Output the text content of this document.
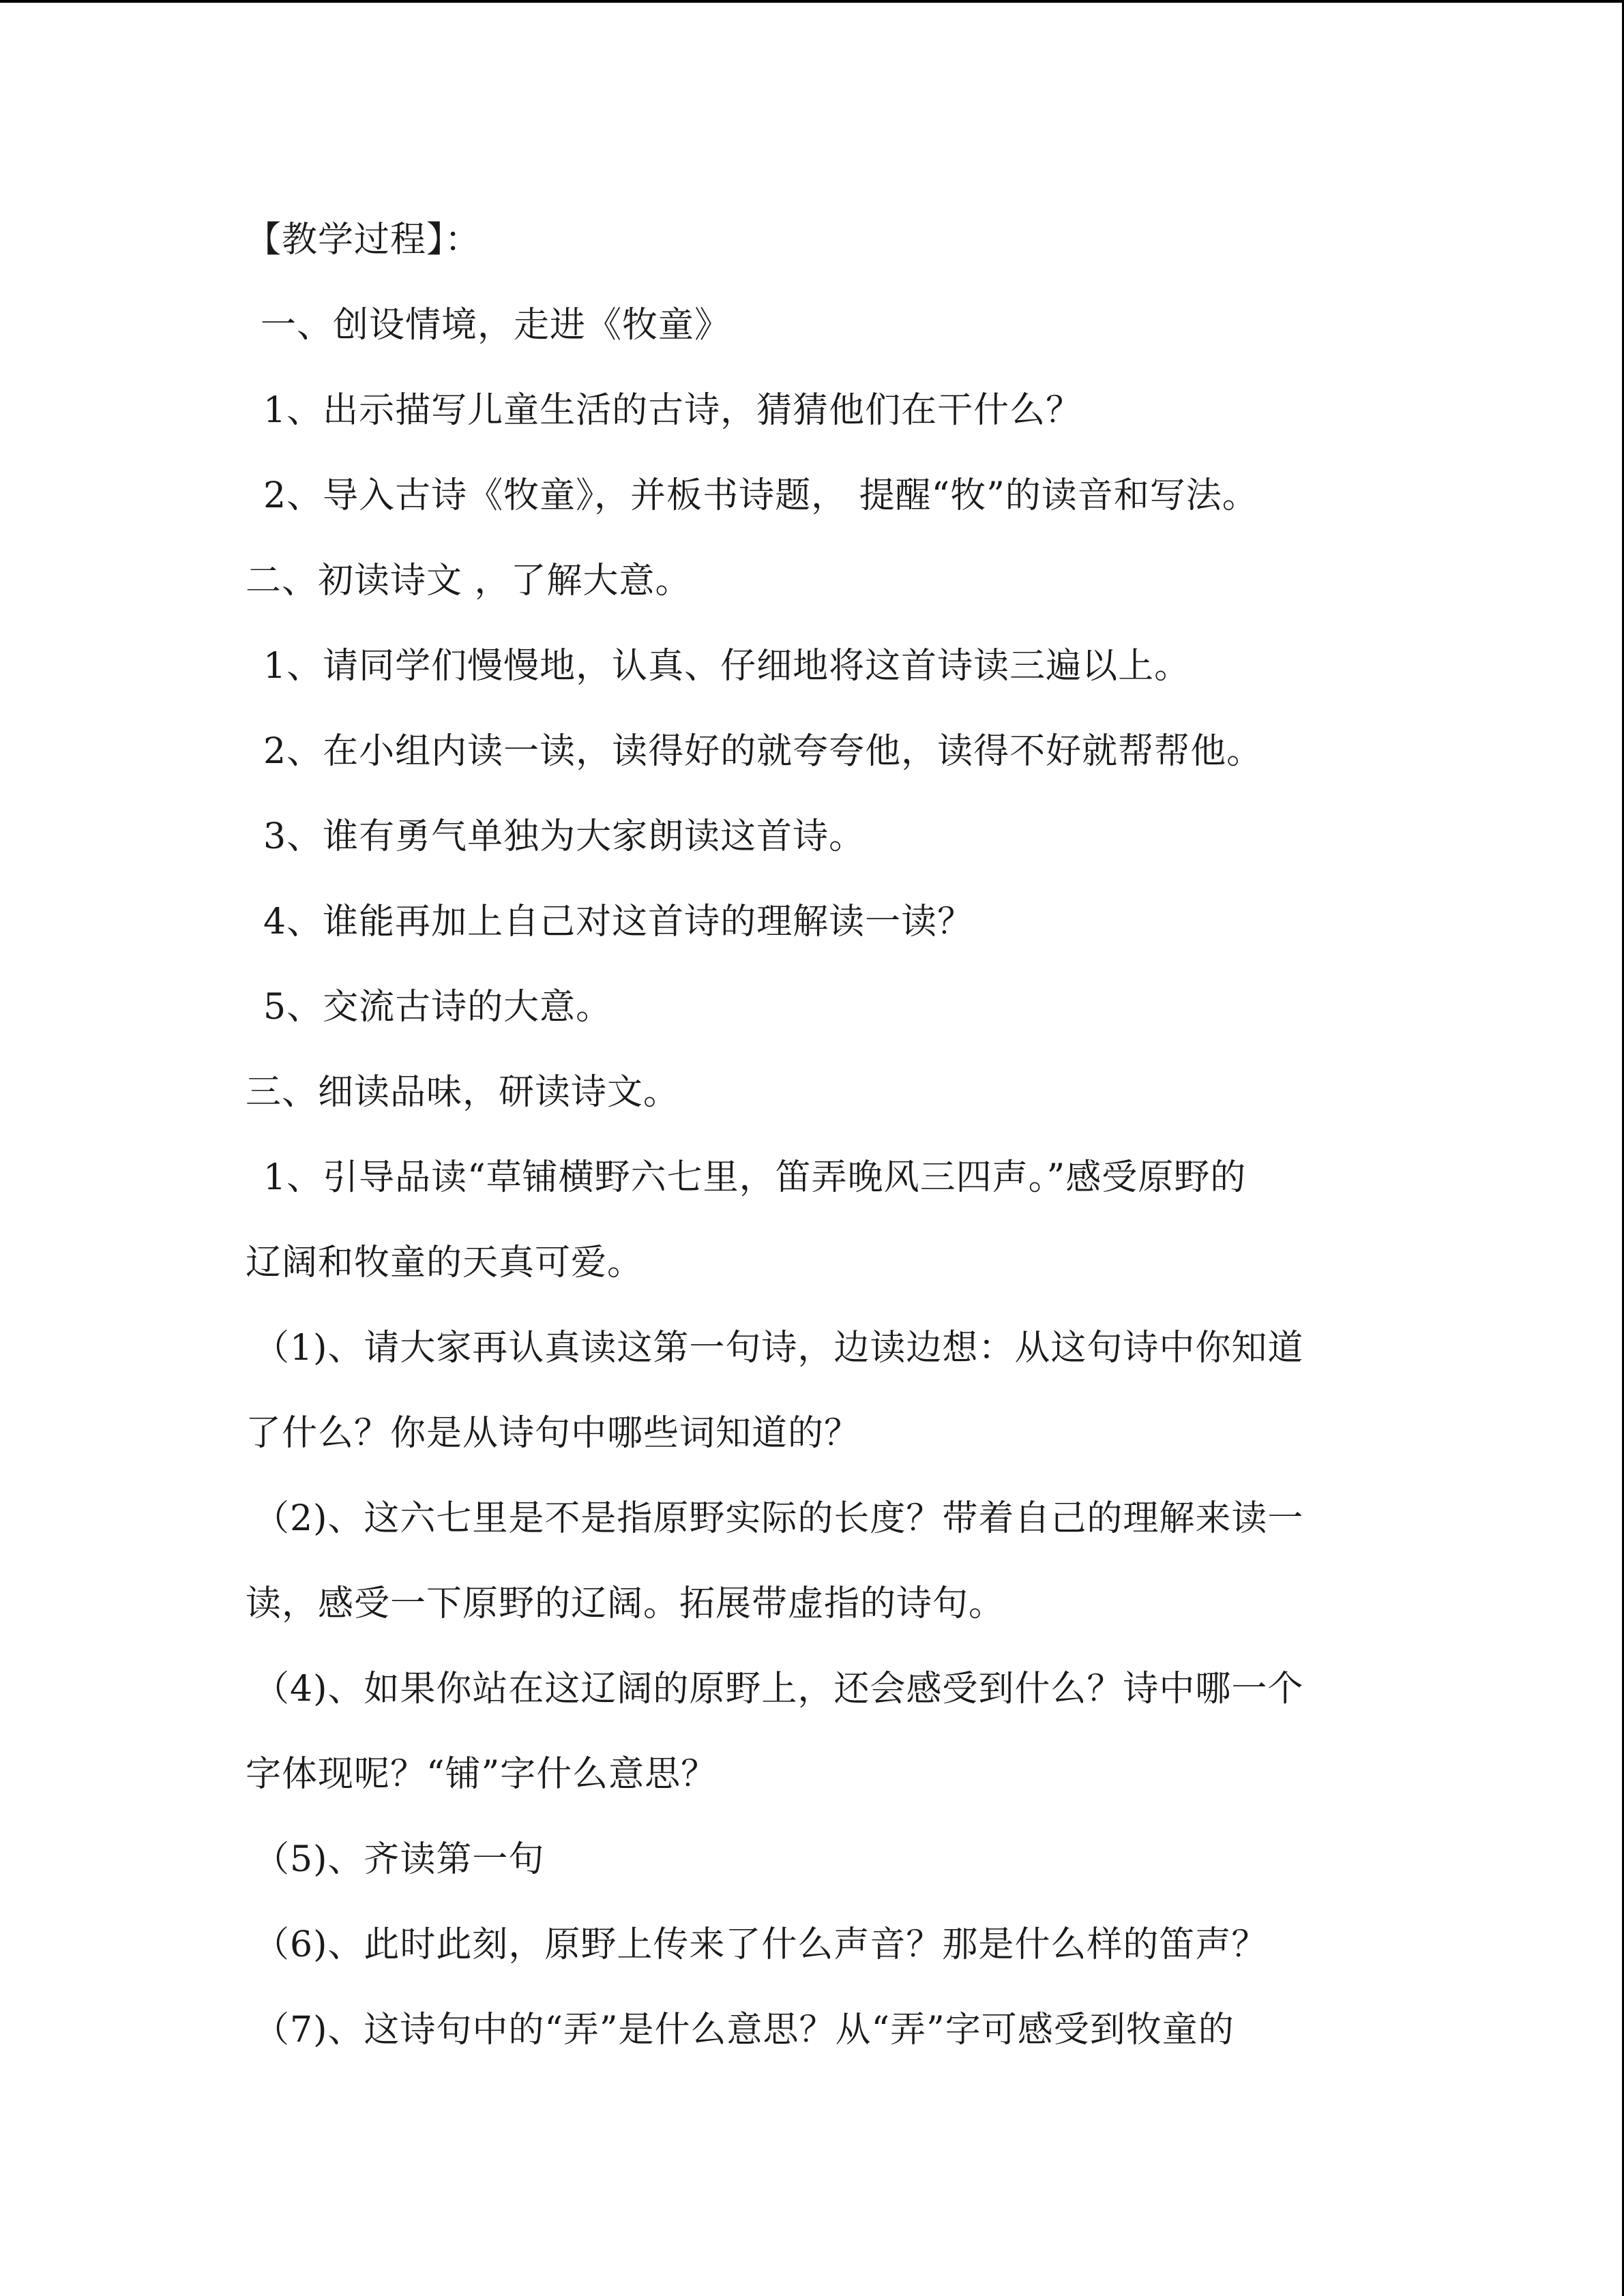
【教学过程】：
一、创设情境，走进《牧童》
1、出示描写儿童生活的古诗，猜猜他们在干什么？
2、导入古诗《牧童》，并板书诗题， 提醒“牧”的读音和写法。
二、初读诗文 ，了解大意。
1、请同学们慢慢地，认真、仔细地将这首诗读三遍以上。
2、在小组内读一读，读得好的就夸夸他，读得不好就帮帮他。
3、谁有勇气单独为大家朗读这首诗。
4、谁能再加上自己对这首诗的理解读一读？
5、交流古诗的大意。
三、细读品味，研读诗文。
1、引导品读“草铺横野六七里，笛弄晚风三四声。”感受原野的
辽阔和牧童的天真可爱。
（1)、请大家再认真读这第一句诗，边读边想：从这句诗中你知道
了什么？你是从诗句中哪些词知道的？
（2)、这六七里是不是指原野实际的长度？带着自己的理解来读一
读，感受一下原野的辽阔。拓展带虚指的诗句。
（4)、如果你站在这辽阔的原野上，还会感受到什么？诗中哪一个
字体现呢？“铺”字什么意思？
（5)、齐读第一句
（6)、此时此刻，原野上传来了什么声音？那是什么样的笛声？
（7)、这诗句中的“弄”是什么意思？从“弄”字可感受到牧童的
